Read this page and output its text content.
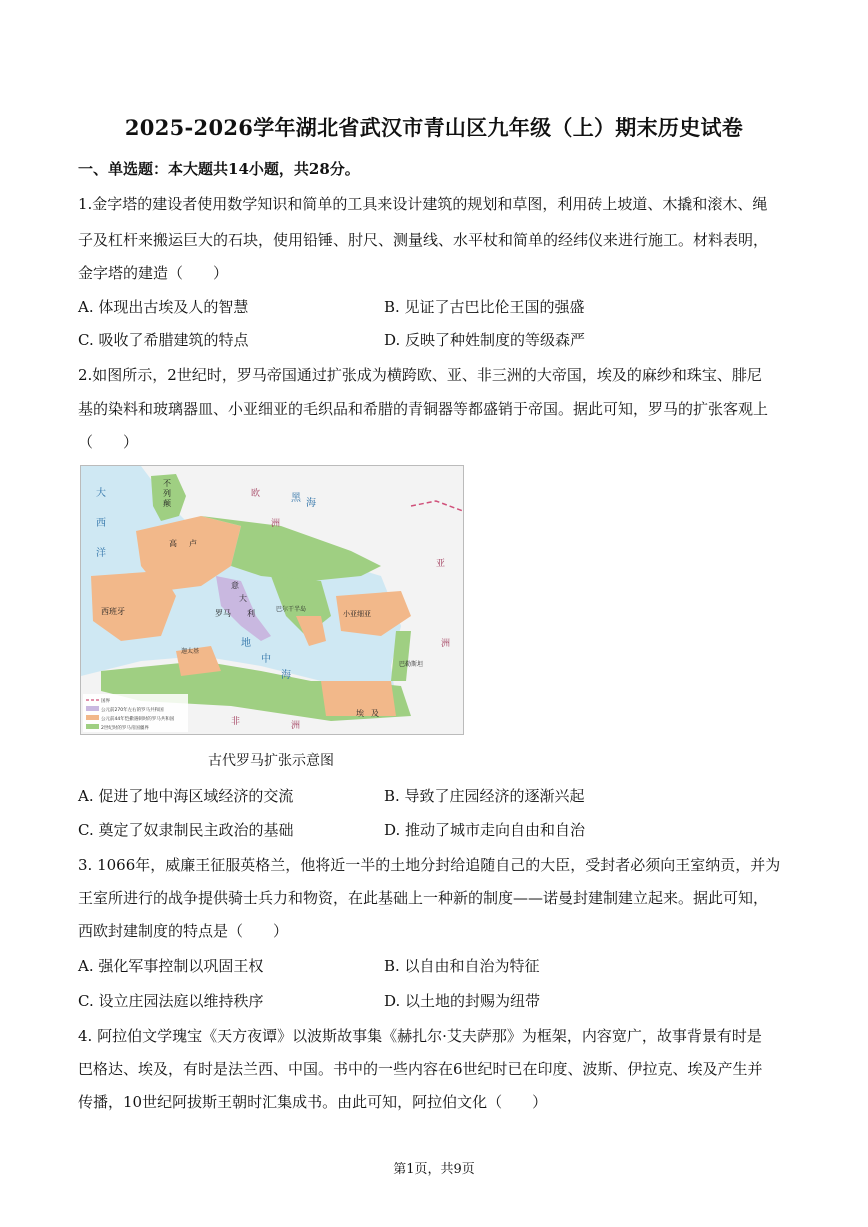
2025-2026学年湖北省武汉市青山区九年级（上）期末历史试卷
一、单选题：本大题共14小题，共28分。
1.金字塔的建设者使用数学知识和简单的工具来设计建筑的规划和草图，利用砖上坡道、木撬和滚木、绳
子及杠杆来搬运巨大的石块，使用铅锤、肘尺、测量线、水平杖和简单的经纬仪来进行施工。材料表明，
金字塔的建造（　　）
A. 体现出古埃及人的智慧	B. 见证了古巴比伦王国的强盛
C. 吸收了希腊建筑的特点	D. 反映了种姓制度的等级森严
2.如图所示，2世纪时，罗马帝国通过扩张成为横跨欧、亚、非三洲的大帝国，埃及的麻纱和珠宝、腓尼
基的染料和玻璃器皿、小亚细亚的毛织品和希腊的青铜器等都盛销于帝国。据此可知，罗马的扩张客观上
（　　）
国界
公元前270年左右的罗马共和国
公元前44年恺撒遇刺时的罗马共和国
2世纪时的罗马帝国疆界
大
西
洋
地
中
海
黑 海
不
列
颠
高 卢
西班牙
意
大
利
罗马	巴尔干半岛
小亚细亚
迦太基
巴勒斯坦
埃 及
欧
洲
非	洲
亚
洲
古代罗马扩张示意图
A. 促进了地中海区域经济的交流	B. 导致了庄园经济的逐渐兴起
C. 奠定了奴隶制民主政治的基础	D. 推动了城市走向自由和自治
3. 1066年，威廉王征服英格兰，他将近一半的土地分封给追随自己的大臣，受封者必须向王室纳贡，并为
王室所进行的战争提供骑士兵力和物资，在此基础上一种新的制度——诺曼封建制建立起来。据此可知，
西欧封建制度的特点是（　　）
A. 强化军事控制以巩固王权	B. 以自由和自治为特征
C. 设立庄园法庭以维持秩序	D. 以土地的封赐为纽带
4. 阿拉伯文学瑰宝《天方夜谭》以波斯故事集《赫扎尔·艾夫萨那》为框架，内容宽广，故事背景有时是
巴格达、埃及，有时是法兰西、中国。书中的一些内容在6世纪时已在印度、波斯、伊拉克、埃及产生并
传播，10世纪阿拔斯王朝时汇集成书。由此可知，阿拉伯文化（　　）
第1页，共9页
